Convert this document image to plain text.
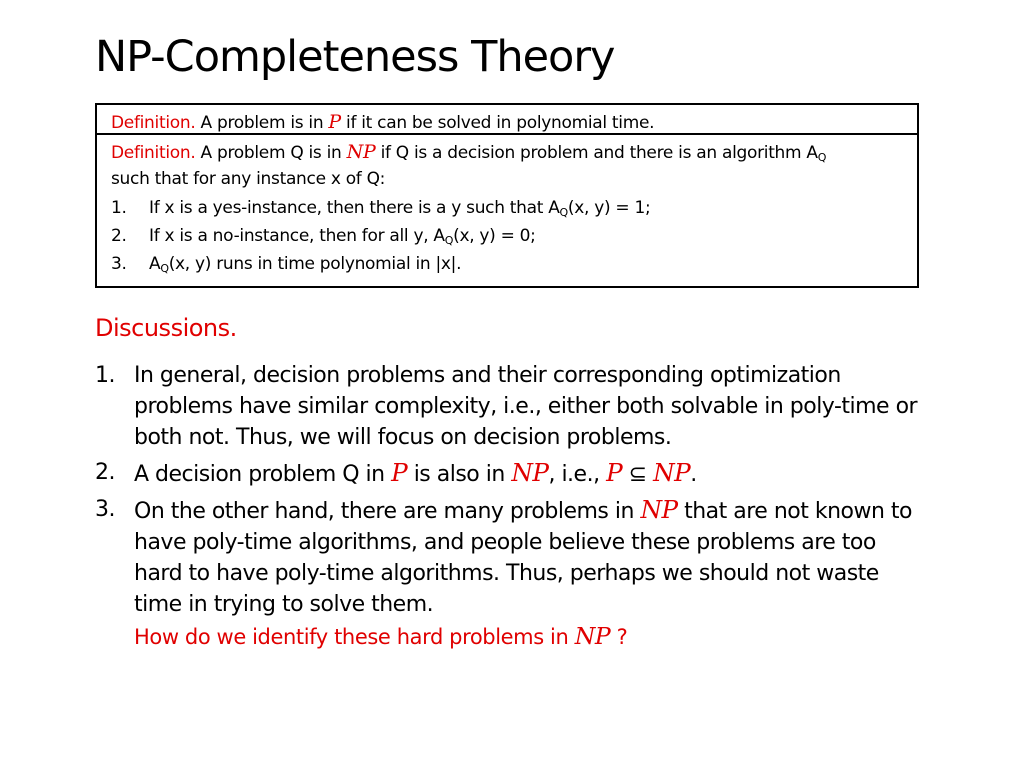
NP-Completeness Theory
Definition. A problem is in P if it can be solved in polynomial time.
Definition. A problem Q is in NP if Q is a decision problem and there is an algorithm $A_Q$
such that for any instance x of Q:
1. If x is a yes-instance, then there is a y such that $A_Q(x$, y) = 1;
2. If x is a no-instance, then for all y, $A_Q(x$, y) = 0;
3. $A_Q(x$, y) runs in time polynomial in |x|.
Discussions.
1. In general, decision problems and their corresponding optimization problems have similar complexity, i.e., either both solvable in poly-time or both not. Thus, we will focus on decision problems.
2. A decision problem Q in P is also in NP, i.e., P ⊆ NP.
3. On the other hand, there are many problems in NP that are not known to have poly-time algorithms, and people believe these problems are too hard to have poly-time algorithms. Thus, perhaps we should not waste time in trying to solve them.
How do we identify these hard problems in NP ?
